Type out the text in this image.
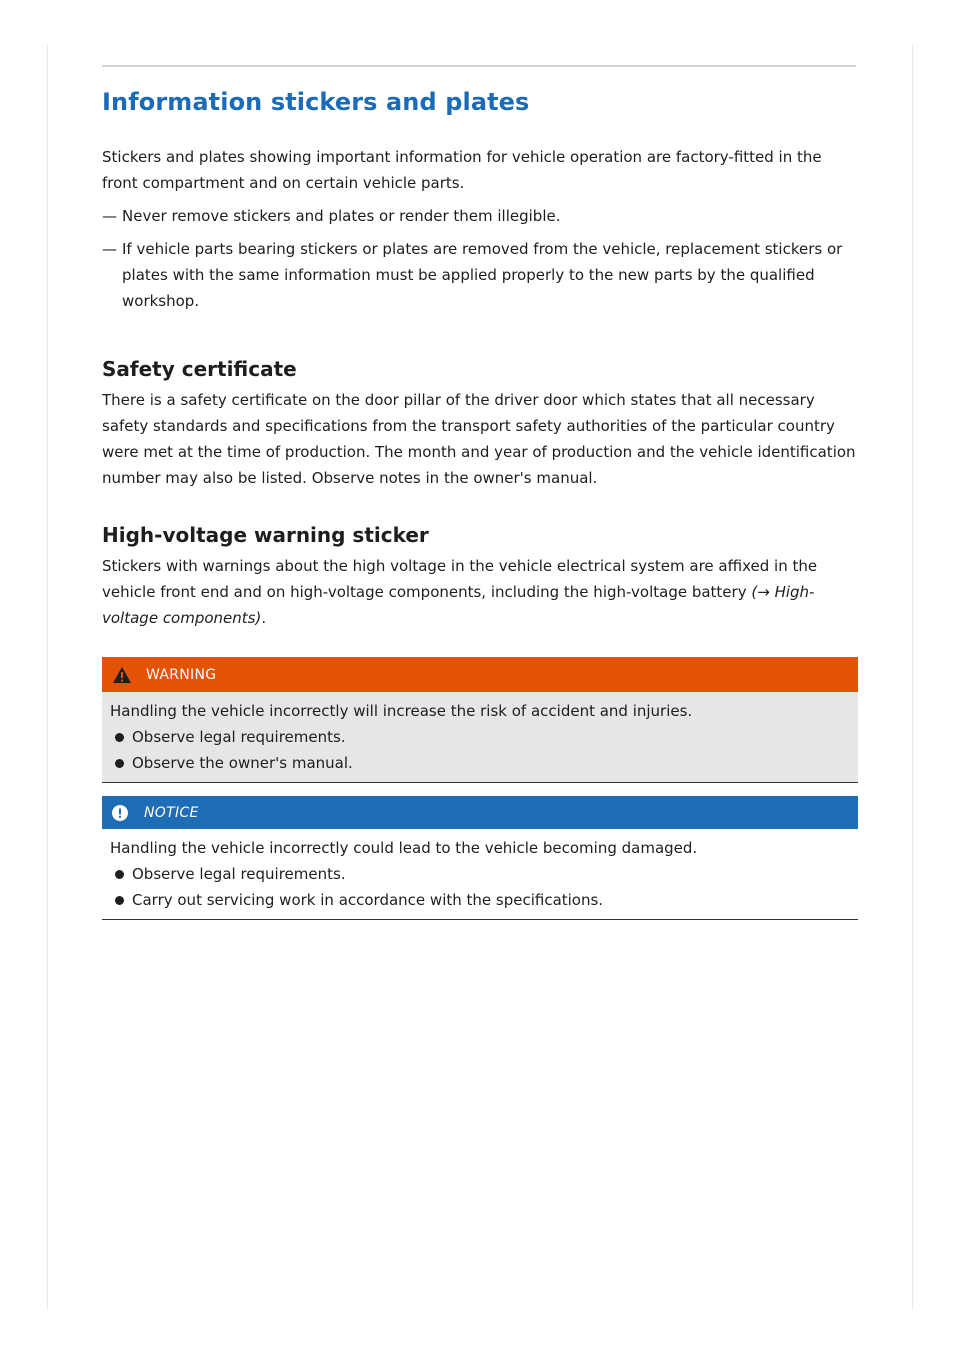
Information stickers and plates

Stickers and plates showing important information for vehicle operation are factory-fitted in the front compartment and on certain vehicle parts.

— Never remove stickers and plates or render them illegible.
— If vehicle parts bearing stickers or plates are removed from the vehicle, replacement stickers or plates with the same information must be applied properly to the new parts by the qualified workshop.
Safety certificate

There is a safety certificate on the door pillar of the driver door which states that all necessary safety standards and specifications from the transport safety authorities of the particular country were met at the time of production. The month and year of production and the vehicle identification number may also be listed. Observe notes in the owner's manual.

High-voltage warning sticker

Stickers with warnings about the high voltage in the vehicle electrical system are affixed in the vehicle front end and on high-voltage components, including the high-voltage battery (→ High-voltage components).

WARNING

Handling the vehicle incorrectly will increase the risk of accident and injuries.

Observe legal requirements.
Observe the owner's manual.
NOTICE

Handling the vehicle incorrectly could lead to the vehicle becoming damaged.

Observe legal requirements.
Carry out servicing work in accordance with the specifications.
